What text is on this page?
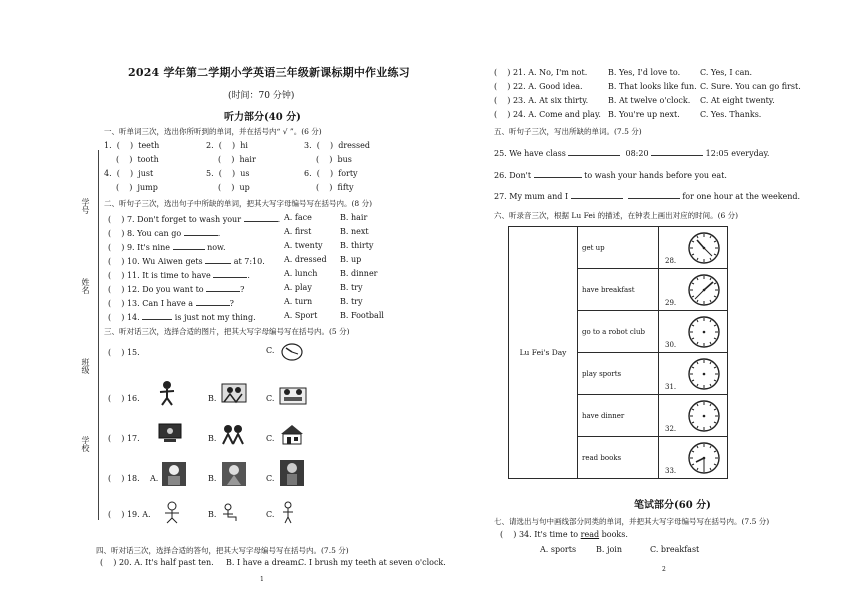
2024 学年第二学期小学英语三年级新课标期中作业练习
(时间：70 分钟)
听力部分(40 分)
学号
姓名
班级
学校
一、听单词三次，选出你所听到的单词，并在括号内“ √ ”。(6 分)
1.  (    )  teeth
(    )  tooth
2.  (    )  hi
(    )  hair
3.  (    )  dressed
(    )  bus
4.  (    )  just
(    )  jump
5.  (    )  us
(    )  up
6.  (    )  forty
(    )  fifty
二、听句子三次，选出句子中所缺的单词，把其大写字母编号写在括号内。(8 分)
(    ) 7. Don't forget to wash your	. A. face	B. hair
(    ) 8. You can go	.	A. first	B. next
(    ) 9. It's nine	now.	A. twenty B. thirty
(    ) 10. Wu Aiwen gets	at 7:10. A. dressed B. up
(    ) 11. It is time to have	.	A. lunch	B. dinner
(    ) 12. Do you want to	?	A. play	B. try
(    ) 13. Can I have a	?	A. turn	B. try
(    ) 14.	is just not my thing.	A. Sport	B. Football
三、听对话三次，选择合适的图片，把其大写字母编号写在括号内。(5 分)
(    ) 15.	C.
(    ) 16.	B.	C.
(    ) 17.	B.	C.
(    ) 18. A.	B.	C.
(    ) 19. A.	B.	C.
四、听对话三次，选择合适的答句，把其大写字母编号写在括号内。(7.5 分)
(    ) 20. A. It's half past ten. B. I have a dream.
C. I brush my teeth at seven o'clock.
1
(    ) 21. A. No, I'm not.	B. Yes, I'd love to. C. Yes, I can.
(    ) 22. A. Good idea.	B. That looks like fun. C. Sure. You can go first.
(    ) 23. A. At six thirty. B. At twelve o'clock. C. At eight twenty.
(    ) 24. A. Come and play. B. You're up next.	C. Yes. Thanks.
五、听句子三次，写出所缺的单词。(7.5 分)
25. We have class	08:20	12:05 everyday.
26. Don't	to wash your hands before you eat.
27. My mum and I	for one hour at the weekend.
六、听录音三次，根据 Lu Fei 的描述，在钟表上画出对应的时间。(6 分)
Lu Fei's Day	get up	28.

	have breakfast	29.

	go to a robot club	30.

	play sports	31.

	have dinner	32.

	read books	33.
笔试部分(60 分)
七、请选出与句中画线部分同类的单词，并把其大写字母编号写在括号内。(7.5 分)
(    ) 34. It's time to read books.
A. sports B. join	C. breakfast
2
